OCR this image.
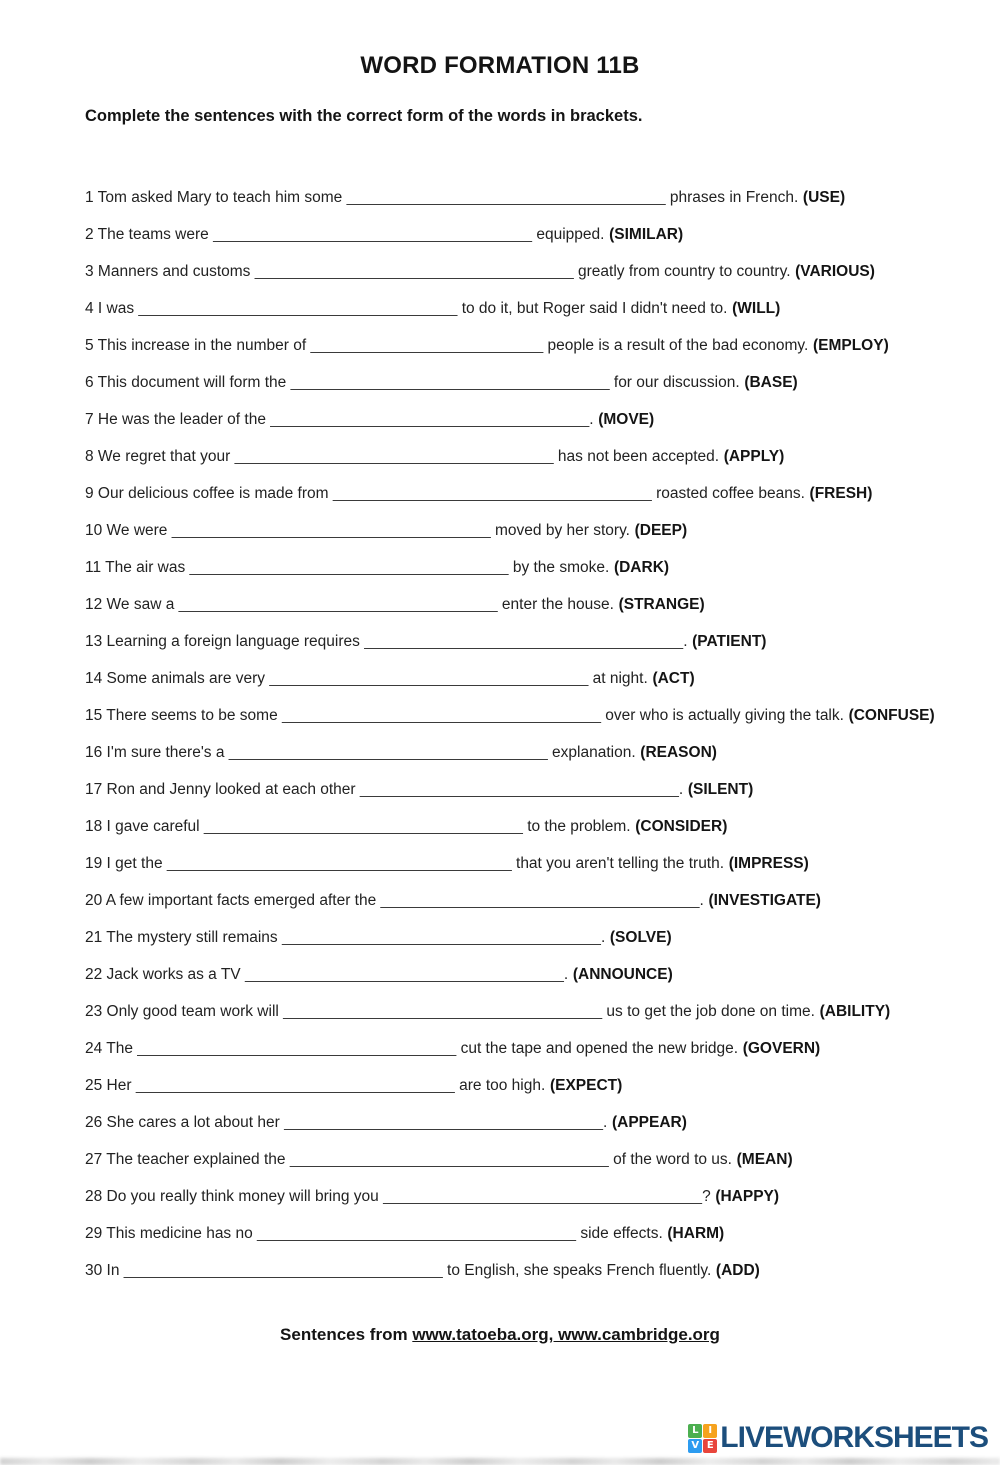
WORD FORMATION 11B

Complete the sentences with the correct form of the words in brackets.

1 Tom asked Mary to teach him some _____________________________________ phrases in French. (USE)
2 The teams were _____________________________________ equipped. (SIMILAR)
3 Manners and customs _____________________________________ greatly from country to country. (VARIOUS)
4 I was _____________________________________ to do it, but Roger said I didn't need to. (WILL)
5 This increase in the number of ___________________________ people is a result of the bad economy. (EMPLOY)
6 This document will form the _____________________________________ for our discussion. (BASE)
7 He was the leader of the _____________________________________. (MOVE)
8 We regret that your _____________________________________ has not been accepted. (APPLY)
9 Our delicious coffee is made from _____________________________________ roasted coffee beans. (FRESH)
10 We were _____________________________________ moved by her story. (DEEP)
11 The air was _____________________________________ by the smoke. (DARK)
12 We saw a _____________________________________ enter the house. (STRANGE)
13 Learning a foreign language requires _____________________________________. (PATIENT)
14 Some animals are very _____________________________________ at night. (ACT)
15 There seems to be some _____________________________________ over who is actually giving the talk. (CONFUSE)
16 I'm sure there's a _____________________________________ explanation. (REASON)
17 Ron and Jenny looked at each other _____________________________________. (SILENT)
18 I gave careful _____________________________________ to the problem. (CONSIDER)
19 I get the ________________________________________ that you aren't telling the truth. (IMPRESS)
20 A few important facts emerged after the _____________________________________. (INVESTIGATE)
21 The mystery still remains _____________________________________. (SOLVE)
22 Jack works as a TV _____________________________________. (ANNOUNCE)
23 Only good team work will _____________________________________ us to get the job done on time. (ABILITY)
24 The _____________________________________ cut the tape and opened the new bridge. (GOVERN)
25 Her _____________________________________ are too high. (EXPECT)
26 She cares a lot about her _____________________________________. (APPEAR)
27 The teacher explained the _____________________________________ of the word to us. (MEAN)
28 Do you really think money will bring you _____________________________________? (HAPPY)
29 This medicine has no _____________________________________ side effects. (HARM)
30 In _____________________________________ to English, she speaks French fluently. (ADD)
Sentences from www.tatoeba.org, www.cambridge.org
L I
V E LIVEWORKSHEETS
